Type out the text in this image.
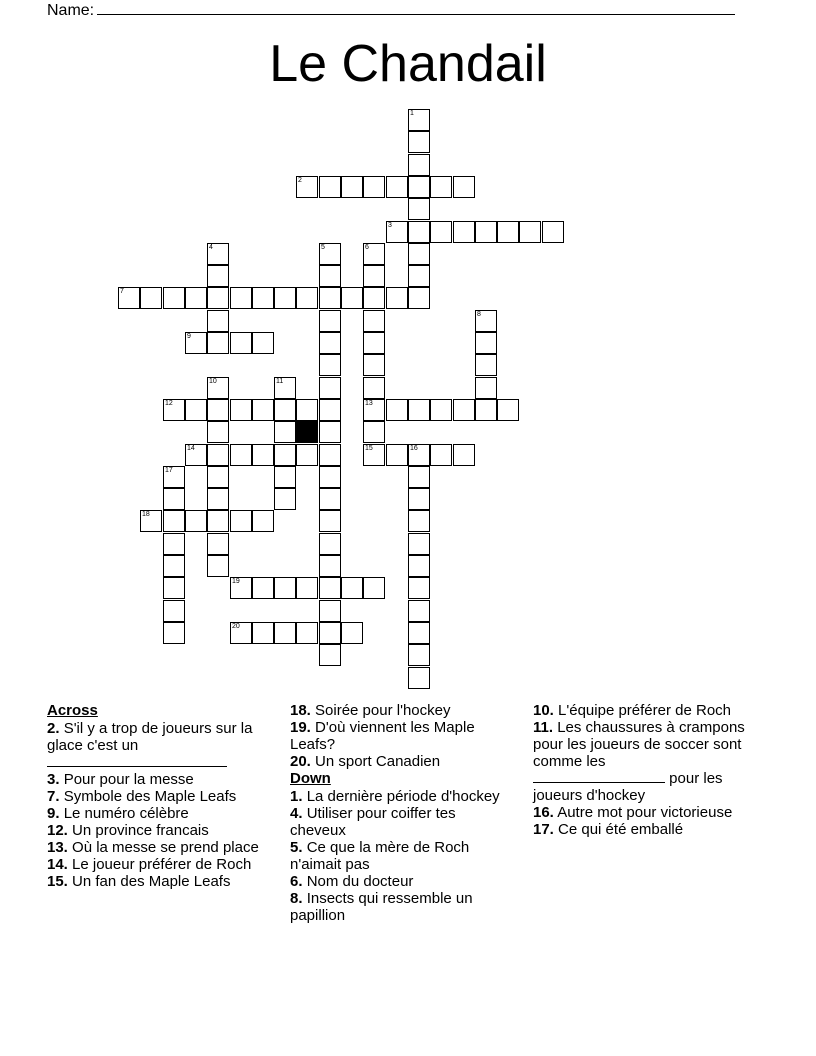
Name:
Le Chandail
1
2
3
4	5	6
13
15
7
8
9
10	11
12
14	16
17
18
19
20
Across
2. S'il y a trop de joueurs sur la glace c'est un

3. Pour pour la messe
7. Symbole des Maple Leafs
9. Le numéro célèbre
12. Un province francais
13. Où la messe se prend place
14. Le joueur préférer de Roch
15. Un fan des Maple Leafs
18. Soirée pour l'hockey
19. D'où viennent les Maple Leafs?
20. Un sport Canadien
Down
1. La dernière période d'hockey
4. Utiliser pour coiffer tes cheveux
5. Ce que la mère de Roch n'aimait pas
6. Nom du docteur
8. Insects qui ressemble un papillion
10. L'équipe préférer de Roch
11. Les chaussures à crampons pour les joueurs de soccer sont comme les
pour les joueurs d'hockey
16. Autre mot pour victorieuse
17. Ce qui été emballé
